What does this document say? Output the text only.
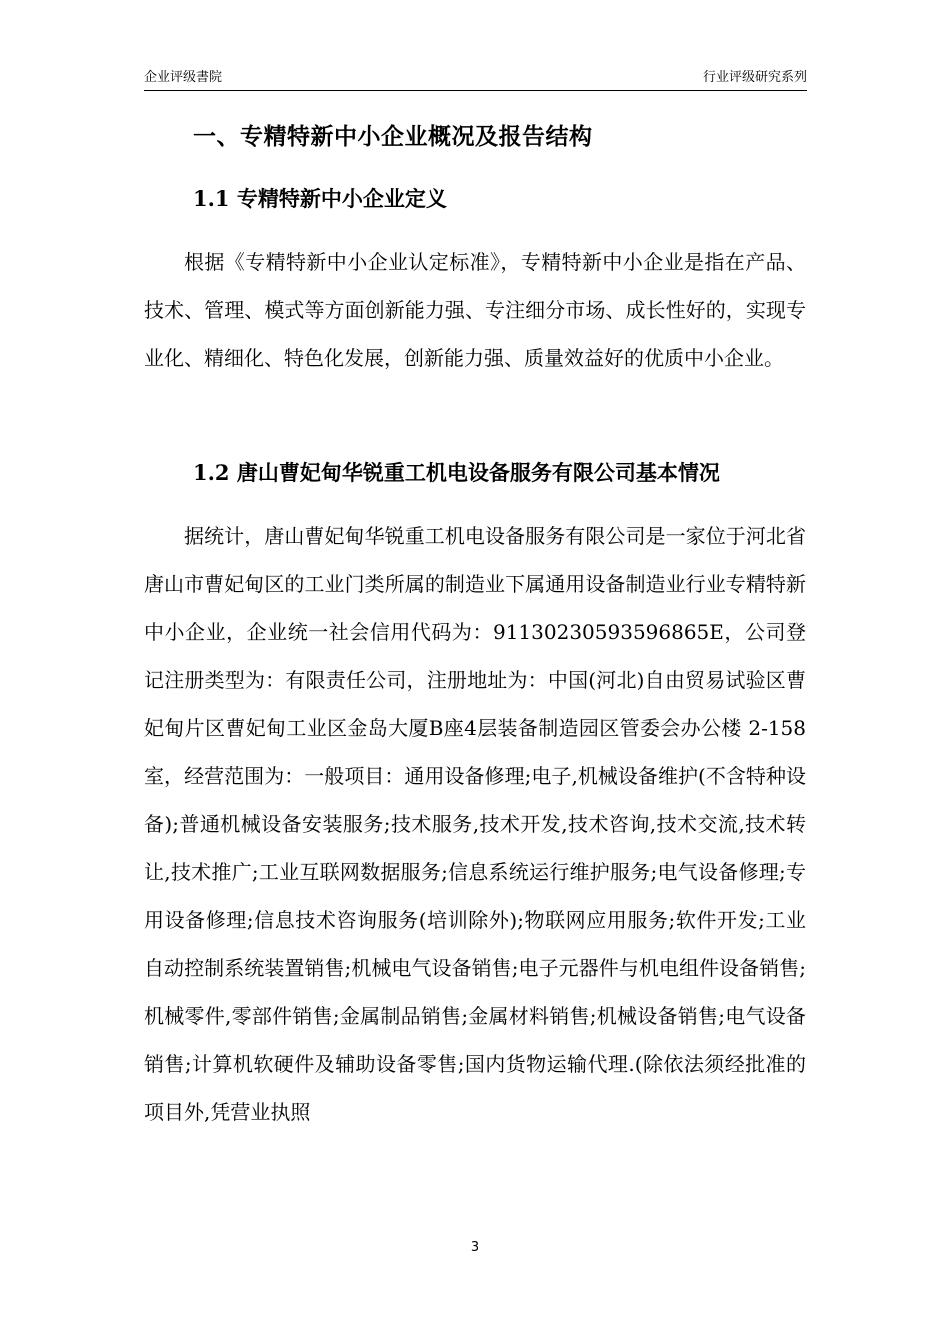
企业评级書院	行业评级研究系列
一、专精特新中小企业概况及报告结构
1.1 专精特新中小企业定义

根据《专精特新中小企业认定标准》，专精特新中小企业是指在产品、技术、管理、模式等方面创新能力强、专注细分市场、成长性好的，实现专业化、精细化、特色化发展，创新能力强、质量效益好的优质中小企业。

1.2 唐山曹妃甸华锐重工机电设备服务有限公司基本情况

据统计，唐山曹妃甸华锐重工机电设备服务有限公司是一家位于河北省唐山市曹妃甸区的工业门类所属的制造业下属通用设备制造业行业专精特新中小企业，企业统一社会信用代码为：91130230593596865E，公司登记注册类型为：有限责任公司，注册地址为：中国(河北)自由贸易试验区曹妃甸片区曹妃甸工业区金岛大厦B座4层装备制造园区管委会办公楼 2-158 室，经营范围为：一般项目：通用设备修理;电子,机械设备维护(不含特种设备);普通机械设备安装服务;技术服务,技术开发,技术咨询,技术交流,技术转让,技术推广;工业互联网数据服务;信息系统运行维护服务;电气设备修理;专用设备修理;信息技术咨询服务(培训除外);物联网应用服务;软件开发;工业自动控制系统装置销售;机械电气设备销售;电子元器件与机电组件设备销售;机械零件,零部件销售;金属制品销售;金属材料销售;机械设备销售;电气设备销售;计算机软硬件及辅助设备零售;国内货物运输代理.(除依法须经批准的项目外,凭营业执照

3
